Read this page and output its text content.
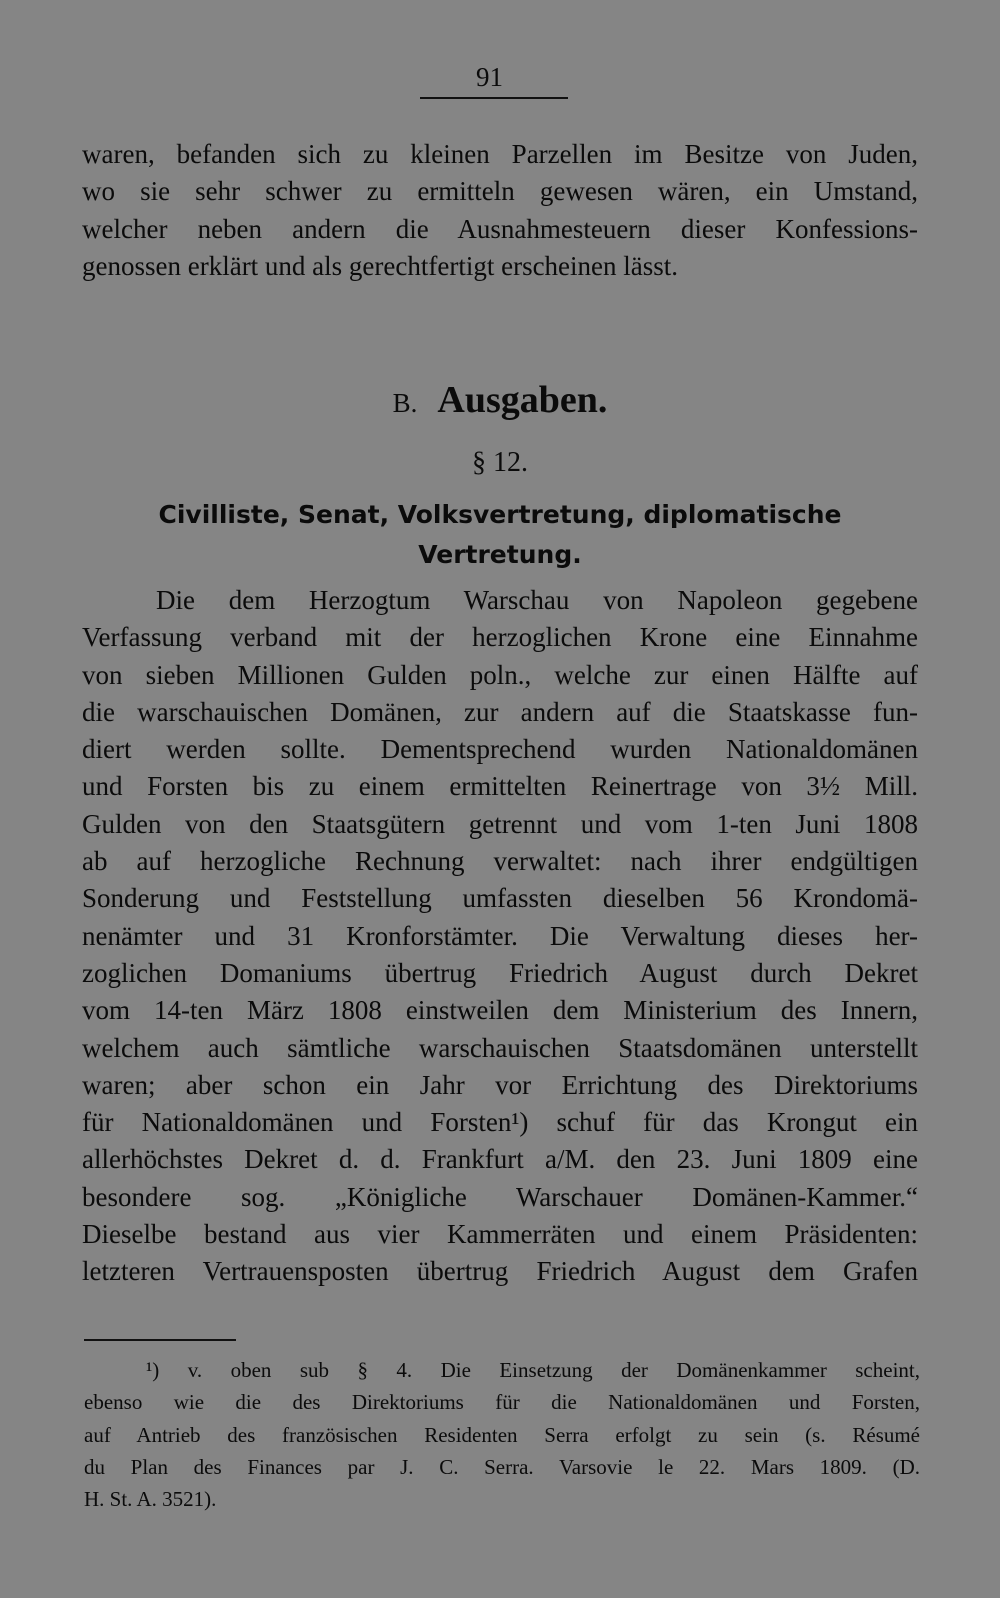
91
waren, befanden sich zu kleinen Parzellen im Besitze von Juden,
wo sie sehr schwer zu ermitteln gewesen wären, ein Umstand,
welcher neben andern die Ausnahmesteuern dieser Konfessions-
genossen erklärt und als gerechtfertigt erscheinen lässt.
B. Ausgaben.
§ 12.
Civilliste, Senat, Volksvertretung, diplomatische
Vertretung.
Die dem Herzogtum Warschau von Napoleon gegebene
Verfassung verband mit der herzoglichen Krone eine Einnahme
von sieben Millionen Gulden poln., welche zur einen Hälfte auf
die warschauischen Domänen, zur andern auf die Staatskasse fun-
diert werden sollte. Dementsprechend wurden Nationaldomänen
und Forsten bis zu einem ermittelten Reinertrage von 3½ Mill.
Gulden von den Staatsgütern getrennt und vom 1-ten Juni 1808
ab auf herzogliche Rechnung verwaltet: nach ihrer endgültigen
Sonderung und Feststellung umfassten dieselben 56 Krondomä-
nenämter und 31 Kronforstämter. Die Verwaltung dieses her-
zoglichen Domaniums übertrug Friedrich August durch Dekret
vom 14-ten März 1808 einstweilen dem Ministerium des Innern,
welchem auch sämtliche warschauischen Staatsdomänen unterstellt
waren; aber schon ein Jahr vor Errichtung des Direktoriums
für Nationaldomänen und Forsten¹) schuf für das Krongut ein
allerhöchstes Dekret d. d. Frankfurt a/M. den 23. Juni 1809 eine
besondere sog. „Königliche Warschauer Domänen-Kammer.“
Dieselbe bestand aus vier Kammerräten und einem Präsidenten:
letzteren Vertrauensposten übertrug Friedrich August dem Grafen
¹) v. oben sub § 4. Die Einsetzung der Domänenkammer scheint,
ebenso wie die des Direktoriums für die Nationaldomänen und Forsten,
auf Antrieb des französischen Residenten Serra erfolgt zu sein (s. Résumé
du Plan des Finances par J. C. Serra. Varsovie le 22. Mars 1809. (D.
H. St. A. 3521).
